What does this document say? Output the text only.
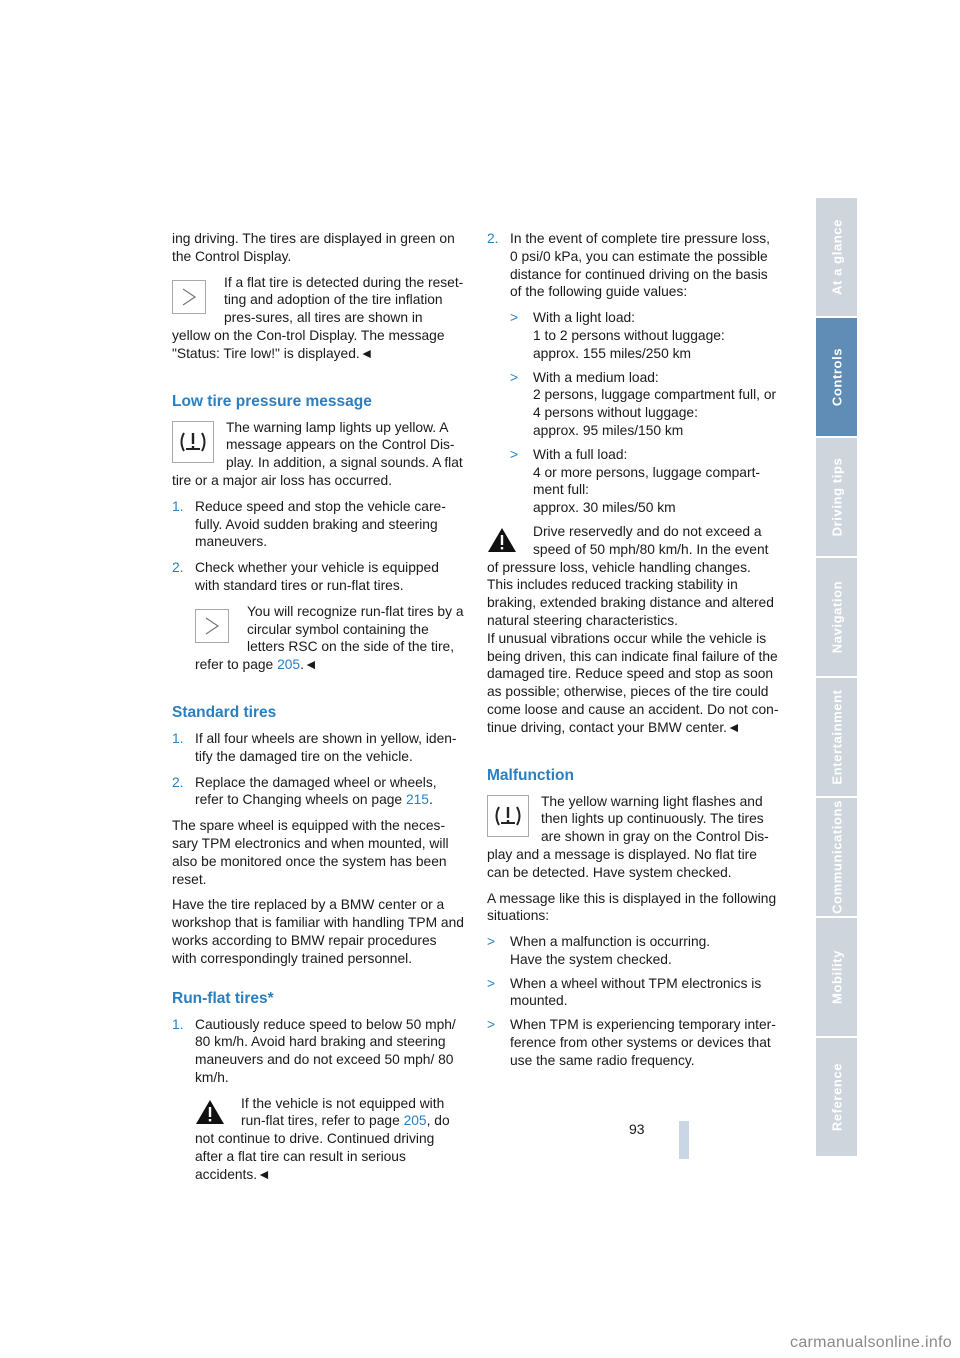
ing driving. The tires are displayed in green on the Control Display.

If a flat tire is detected during the reset-ting and adoption of the tire inflation pres-sures, all tires are shown in yellow on the Con-trol Display. The message "Status: Tire low!" is displayed.◄

Low tire pressure message

The warning lamp lights up yellow. A message appears on the Control Dis-play. In addition, a signal sounds. A flat tire or a major air loss has occurred.

1. Reduce speed and stop the vehicle care-fully. Avoid sudden braking and steering maneuvers.
2. Check whether your vehicle is equipped with standard tires or run-flat tires.

You will recognize run-flat tires by a circular symbol containing the letters RSC on the side of the tire, refer to page 205.◄

Standard tires
1. If all four wheels are shown in yellow, iden-tify the damaged tire on the vehicle.
2. Replace the damaged wheel or wheels, refer to Changing wheels on page 215.

The spare wheel is equipped with the neces-sary TPM electronics and when mounted, will also be monitored once the system has been reset.

Have the tire replaced by a BMW center or a workshop that is familiar with handling TPM and works according to BMW repair procedures with correspondingly trained personnel.

Run-flat tires*
1. Cautiously reduce speed to below 50 mph/ 80 km/h. Avoid hard braking and steering maneuvers and do not exceed 50 mph/ 80 km/h.

If the vehicle is not equipped with run-flat tires, refer to page 205, do not continue to drive. Continued driving after a flat tire can result in serious accidents.◄

2. In the event of complete tire pressure loss, 0 psi/0 kPa, you can estimate the possible distance for continued driving on the basis of the following guide values:
> With a light load:
1 to 2 persons without luggage:
approx. 155 miles/250 km
> With a medium load:
2 persons, luggage compartment full, or
4 persons without luggage:
approx. 95 miles/150 km
> With a full load:
4 or more persons, luggage compart-
ment full:
approx. 30 miles/50 km

Drive reservedly and do not exceed a speed of 50 mph/80 km/h. In the event of pressure loss, vehicle handling changes. This includes reduced tracking stability in braking, extended braking distance and altered natural steering characteristics.

If unusual vibrations occur while the vehicle is being driven, this can indicate final failure of the damaged tire. Reduce speed and stop as soon as possible; otherwise, pieces of the tire could come loose and cause an accident. Do not con-tinue driving, contact your BMW center.◄

Malfunction

The yellow warning light flashes and then lights up continuously. The tires are shown in gray on the Control Dis-play and a message is displayed. No flat tire can be detected. Have system checked.

A message like this is displayed in the following situations:

> When a malfunction is occurring.
Have the system checked.
> When a wheel without TPM electronics is mounted.
> When TPM is experiencing temporary inter-ference from other systems or devices that use the same radio frequency.
At a glance
Controls
Driving tips
Navigation
Entertainment
Communications
Mobility
Reference
93
carmanualsonline.info
